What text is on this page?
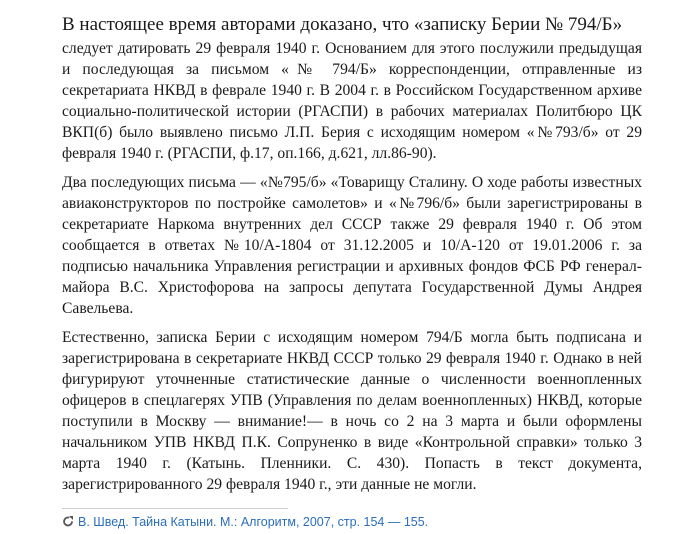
В настоящее время авторами доказано, что «записку Берии № 794/Б»
следует датировать 29 февраля 1940 г. Основанием для этого послужили предыдущая и последующая за письмом «№ 794/Б» корреспонденции, отправленные из секретариата НКВД в феврале 1940 г. В 2004 г. в Российском Государственном архиве социально-политической истории (РГАСПИ) в рабочих материалах Политбюро ЦК ВКП(б) было выявлено письмо Л.П. Берия с исходящим номером «№793/б» от 29 февраля 1940 г. (РГАСПИ, ф.17, оп.166, д.621, лл.86-90).

Два последующих письма — «№795/б» «Товарищу Сталину. О ходе работы известных авиаконструкторов по постройке самолетов» и «№796/б» были зарегистрированы в секретариате Наркома внутренних дел СССР также 29 февраля 1940 г. Об этом сообщается в ответах №10/А-1804 от 31.12.2005 и 10/А-120 от 19.01.2006 г. за подписью начальника Управления регистрации и архивных фондов ФСБ РФ генерал-майора В.С. Христофорова на запросы депутата Государственной Думы Андрея Савельева.

Естественно, записка Берии с исходящим номером 794/Б могла быть подписана и зарегистрирована в секретариате НКВД СССР только 29 февраля 1940 г. Однако в ней фигурируют уточненные статистические данные о численности военнопленных офицеров в спецлагерях УПВ (Управления по делам военнопленных) НКВД, которые поступили в Москву — внимание!— в ночь со 2 на 3 марта и были оформлены начальником УПВ НКВД П.К. Сопруненко в виде «Контрольной справки» только 3 марта 1940 г. (Катынь. Пленники. С. 430). Попасть в текст документа, зарегистрированного 29 февраля 1940 г., эти данные не могли.

В. Швед. Тайна Катыни. М.: Алгоритм, 2007, стр. 154 — 155.
